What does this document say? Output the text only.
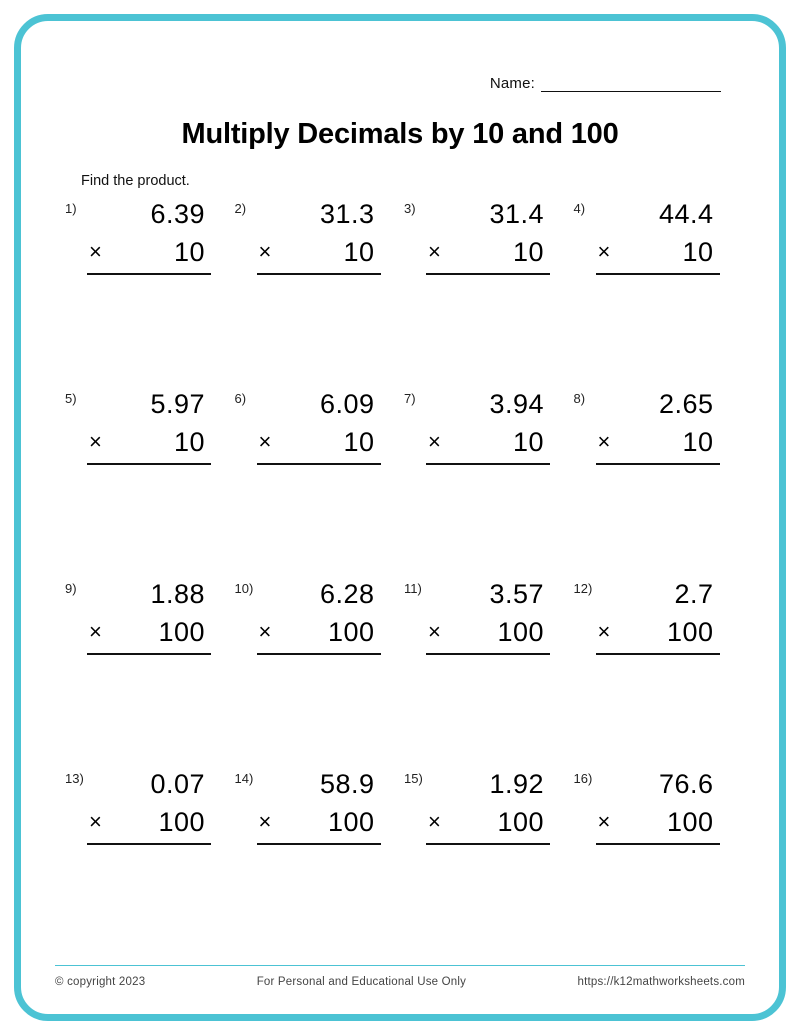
Name:
Multiply Decimals by 10 and 100
Find the product.
1)	6.39
×	10
2)	31.3
×	10
3)	31.4
×	10
4)	44.4
×	10
5)	5.97
×	10
6)	6.09
×	10
7)	3.94
×	10
8)	2.65
×	10
9)	1.88
× 100
10)	6.28
× 100
11)	3.57
× 100
12)	2.7
× 100
13)	0.07
× 100
14)	58.9
× 100
15)	1.92
× 100
16)	76.6
× 100
© copyright 2023	For Personal and Educational Use Only	https://k12mathworksheets.com
